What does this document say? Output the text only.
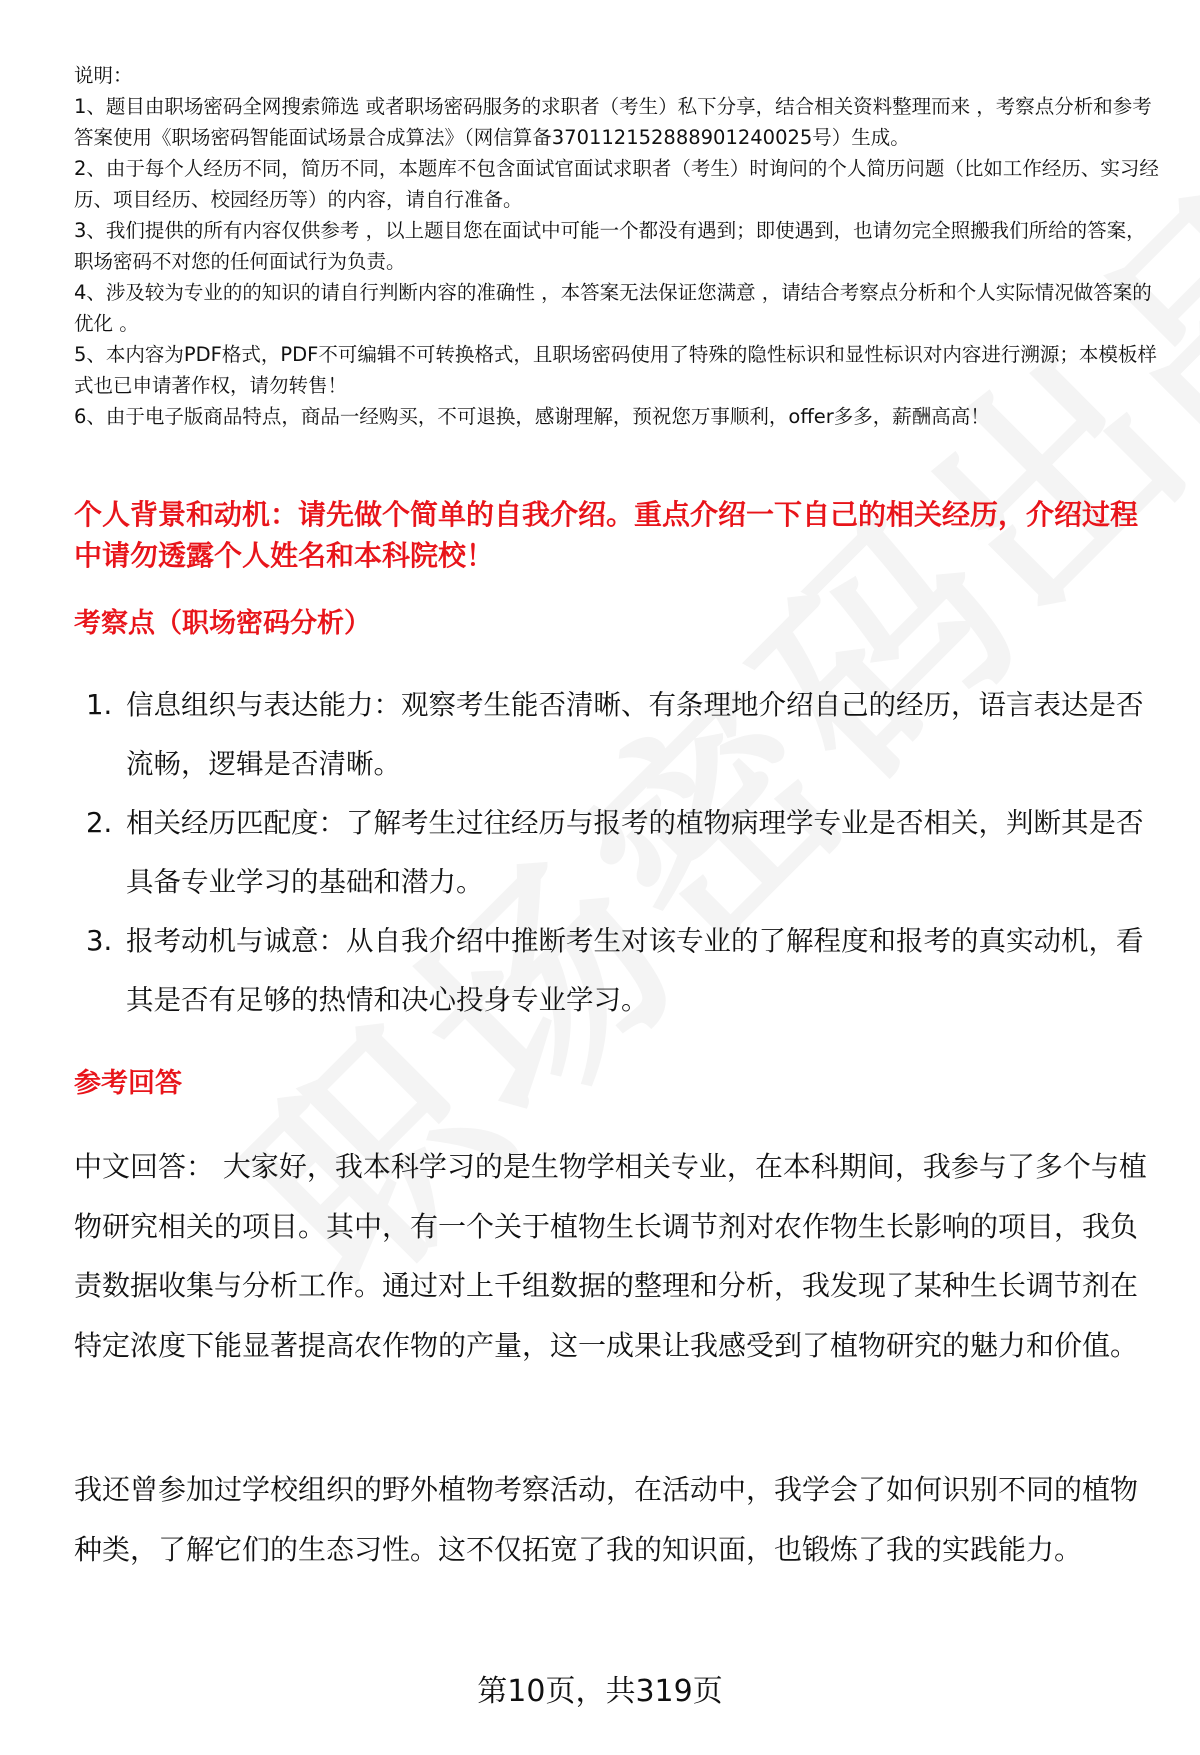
说明：

1、题目由职场密码全网搜索筛选 或者职场密码服务的求职者（考生）私下分享，结合相关资料整理而来 ，考察点分析和参考答案使用《职场密码智能面试场景合成算法》（网信算备370112152888901240025号）生成。

2、由于每个人经历不同，简历不同，本题库不包含面试官面试求职者（考生）时询问的个人简历问题（比如工作经历、实习经历、项目经历、校园经历等）的内容，请自行准备。

3、我们提供的所有内容仅供参考 ，以上题目您在面试中可能一个都没有遇到；即使遇到，也请勿完全照搬我们所给的答案，职场密码不对您的任何面试行为负责。

4、涉及较为专业的的知识的请自行判断内容的准确性 ，本答案无法保证您满意 ，请结合考察点分析和个人实际情况做答案的优化 。

5、本内容为PDF格式，PDF不可编辑不可转换格式，且职场密码使用了特殊的隐性标识和显性标识对内容进行溯源；本模板样式也已申请著作权，请勿转售！

6、由于电子版商品特点，商品一经购买，不可退换，感谢理解，预祝您万事顺利，offer多多，薪酬高高！

个人背景和动机：请先做个简单的自我介绍。重点介绍一下自己的相关经历，介绍过程中请勿透露个人姓名和本科院校！
考察点（职场密码分析）
1. 信息组织与表达能力：观察考生能否清晰、有条理地介绍自己的经历，语言表达是否流畅，逻辑是否清晰。
2. 相关经历匹配度：了解考生过往经历与报考的植物病理学专业是否相关，判断其是否具备专业学习的基础和潜力。
3. 报考动机与诚意：从自我介绍中推断考生对该专业的了解程度和报考的真实动机，看其是否有足够的热情和决心投身专业学习。
参考回答

中文回答： 大家好，我本科学习的是生物学相关专业，在本科期间，我参与了多个与植物研究相关的项目。其中，有一个关于植物生长调节剂对农作物生长影响的项目，我负责数据收集与分析工作。通过对上千组数据的整理和分析，我发现了某种生长调节剂在特定浓度下能显著提高农作物的产量，这一成果让我感受到了植物研究的魅力和价值。

我还曾参加过学校组织的野外植物考察活动，在活动中，我学会了如何识别不同的植物种类，了解它们的生态习性。这不仅拓宽了我的知识面，也锻炼了我的实践能力。

第10页，共319页
